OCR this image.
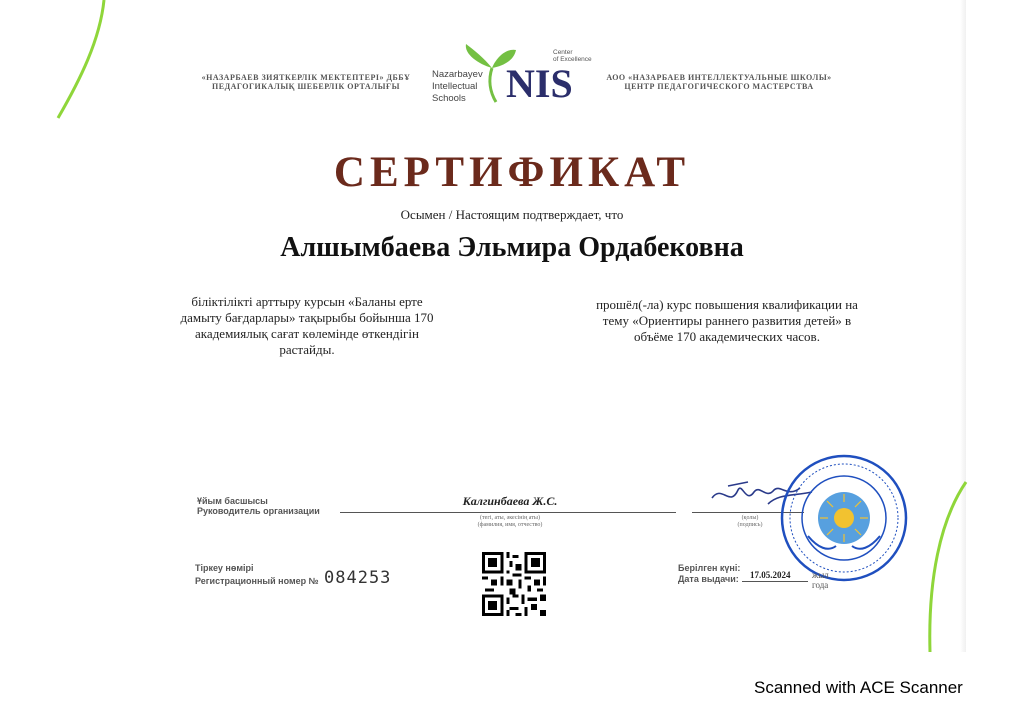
«НАЗАРБАЕВ ЗИЯТКЕРЛІК МЕКТЕПТЕРІ» ДББҰ
ПЕДАГОГИКАЛЫҚ ШЕБЕРЛІК ОРТАЛЫҒЫ
Nazarbayev
Intellectual
Schools
Center
of Excellence
NIS	АОО «НАЗАРБАЕВ ИНТЕЛЛЕКТУАЛЬНЫЕ ШКОЛЫ»
ЦЕНТР ПЕДАГОГИЧЕСКОГО МАСТЕРСТВА
СЕРТИФИКАТ
Осымен / Настоящим подтверждает, что
Алшымбаева Эльмира Ордабековна
біліктілікті арттыру курсын «Баланы ерте
дамыту бағдарлары» тақырыбы бойынша 170
академиялық сағат көлемінде өткендігін
растайды.
прошёл(-ла) курс повышения квалификации на
тему «Ориентиры раннего развития детей» в
объёме 170 академических часов.
Ұйым басшысы
Руководитель организации
Калгинбаева Ж.С.
(тегі, аты, әкесінің аты)
(фамилия, имя, отчество)
(қолы)
(подпись)
Тіркеу нөмірі
Регистрационный номер № 084253	Берілген күні:
Дата выдачи: 17.05.2024 жыл
года
Scanned with ACE Scanner
